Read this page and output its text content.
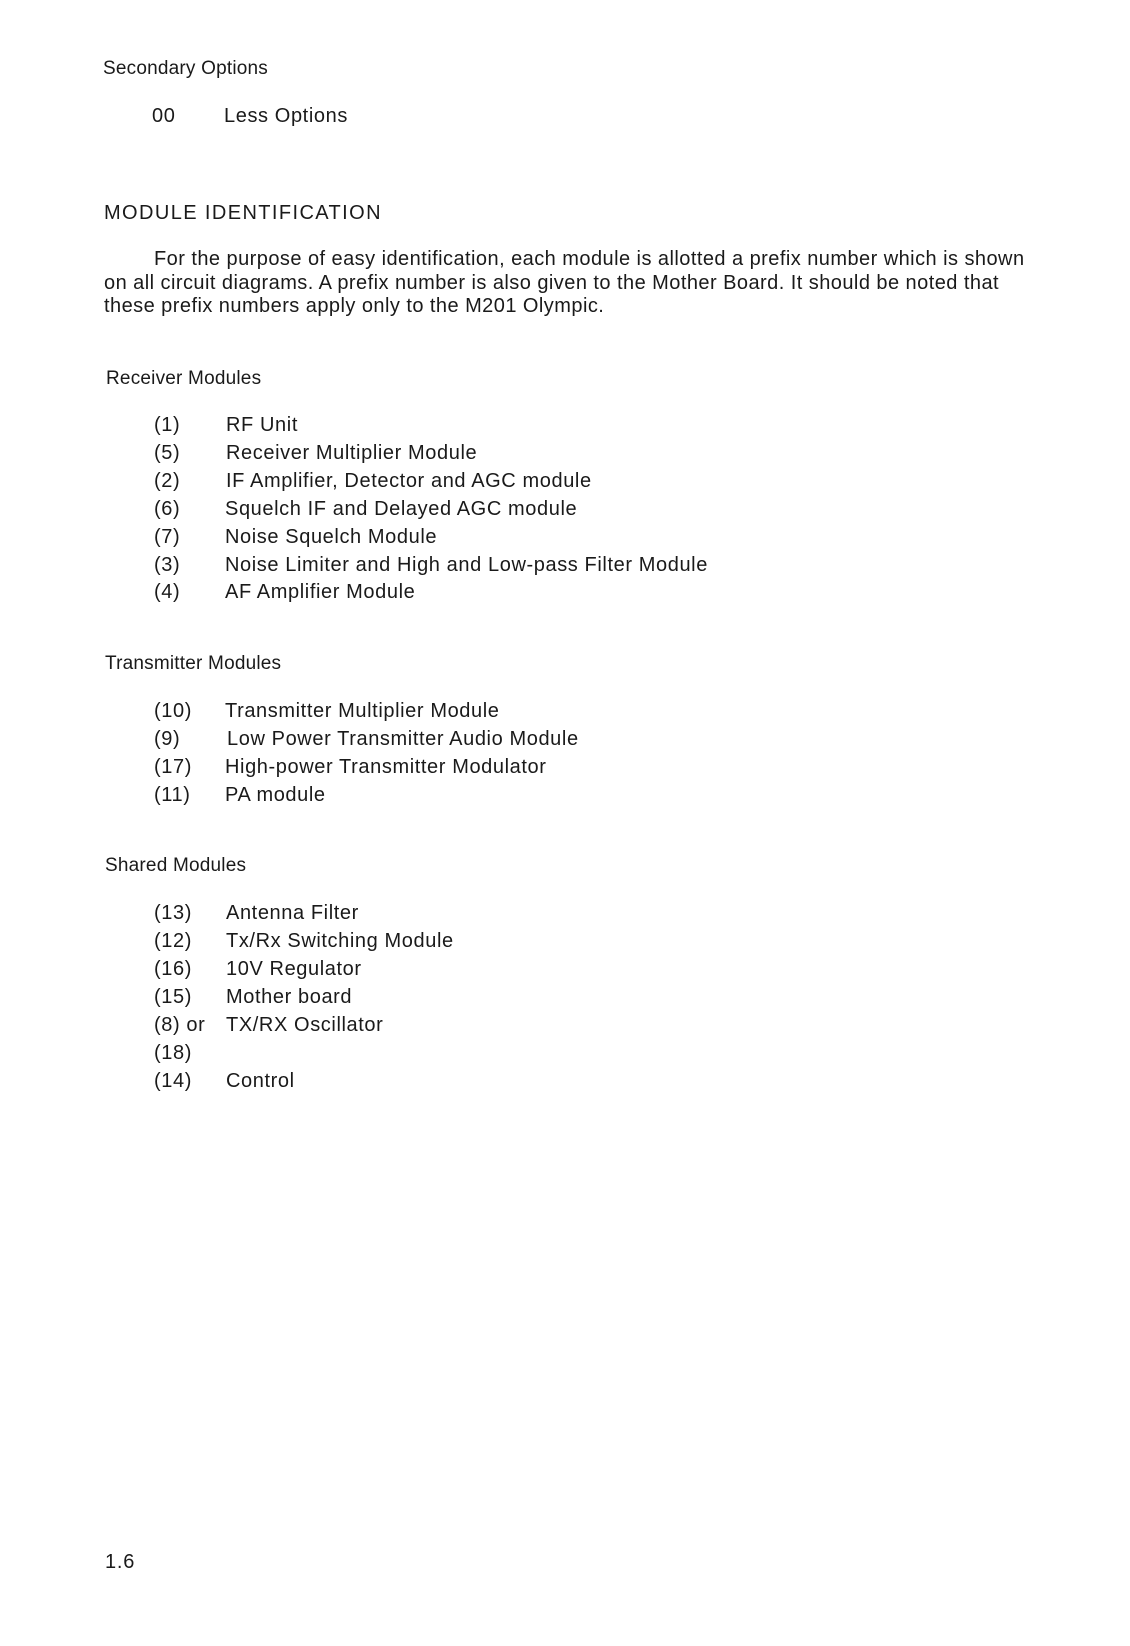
Secondary Options
00 Less Options
MODULE IDENTIFICATION
For the purpose of easy identification, each module is allotted a prefix number which is shown
on all circuit diagrams. A prefix number is also given to the Mother Board. It should be noted that
these prefix numbers apply only to the M201 Olympic.
Receiver Modules
(1) RF Unit
(5) Receiver Multiplier Module
(2) IF Amplifier, Detector and AGC module
(6) Squelch IF and Delayed AGC module
(7) Noise Squelch Module
(3) Noise Limiter and High and Low-pass Filter Module
(4) AF Amplifier Module
Transmitter Modules
(10) Transmitter Multiplier Module
(9) Low Power Transmitter Audio Module
(17) High-power Transmitter Modulator
(11) PA module
Shared Modules
(13) Antenna Filter
(12) Tx/Rx Switching Module
(16) 10V Regulator
(15) Mother board
(8) or TX/RX Oscillator
(18)
(14) Control
1.6
